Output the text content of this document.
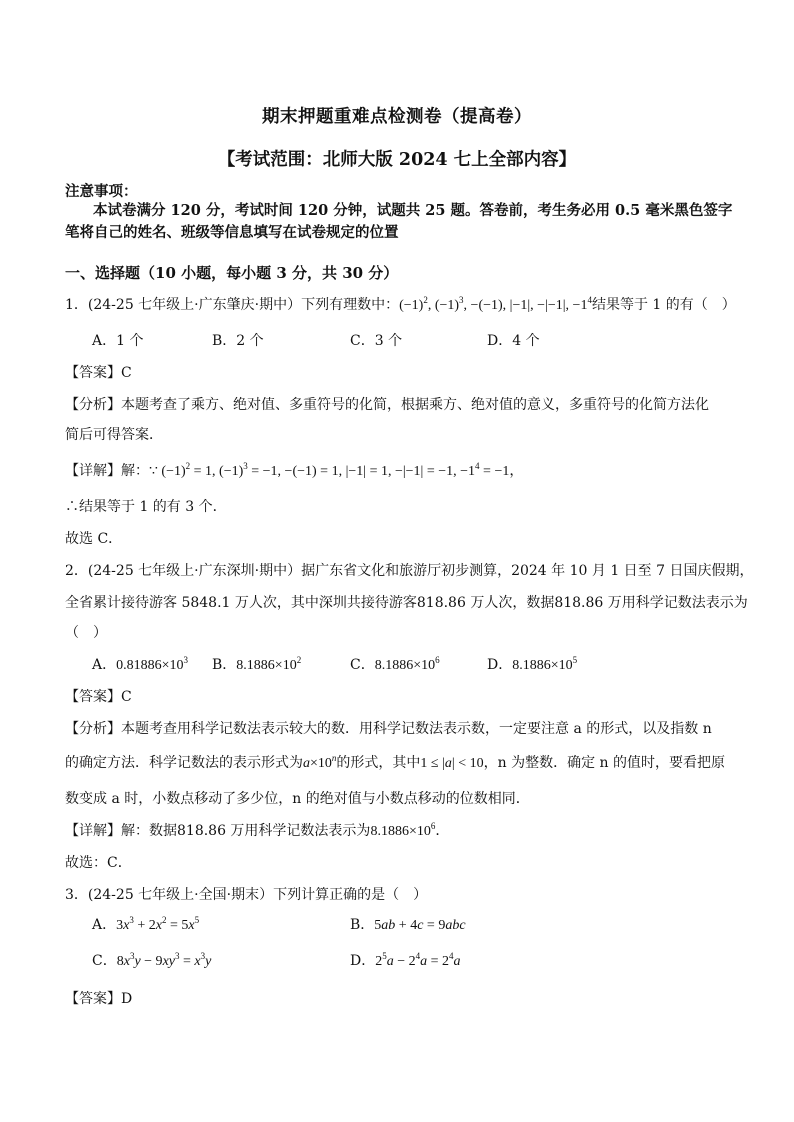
期末押题重难点检测卷（提高卷）
【考试范围：北师大版 2024 七上全部内容】
注意事项：
本试卷满分 120 分，考试时间 120 分钟，试题共 25 题。答卷前，考生务必用 0.5 毫米黑色签字笔将自己的姓名、班级等信息填写在试卷规定的位置
一、选择题（10 小题，每小题 3 分，共 30 分）
1．(24-25 七年级上·广东肇庆·期中）下列有理数中：$(-1)^2$, $(-1)^3$, −(−1), |−1|, −|−1|, $-1^4$结果等于 1 的有（　）
A．1 个	B．2 个	C．3 个	D．4 个
【答案】C
【分析】本题考查了乘方、绝对值、多重符号的化简，根据乘方、绝对值的意义，多重符号的化简方法化
简后可得答案．
【详解】解：∵ $(-1)^2 = 1$, $(-1)^3 = -1$, −(−1) = 1, |−1| = 1, −|−1| = −1, $-1^4 = -1$，
∴结果等于 1 的有 3 个．
故选 C．
2．(24-25 七年级上·广东深圳·期中）据广东省文化和旅游厅初步测算，2024 年 10 月 1 日至 7 日国庆假期，
全省累计接待游客 5848.1 万人次，其中深圳共接待游客818.86 万人次，数据818.86 万用科学记数法表示为
（　）
A．$0.81886\times 10^3$ B．$8.1886\times 10^2$	C．$8.1886\times 10^6$	D．$8.1886\times 10^5$
【答案】C
【分析】本题考查用科学记数法表示较大的数．用科学记数法表示数，一定要注意 a 的形式，以及指数 n
的确定方法．科学记数法的表示形式为$a\times 10^n$的形式，其中1 ≤ |a| < 10，n 为整数．确定 n 的值时，要看把原
数变成 a 时，小数点移动了多少位，n 的绝对值与小数点移动的位数相同．
【详解】解：数据818.86 万用科学记数法表示为$8.1886\times 10^6$．
故选：C．
3．(24-25 七年级上·全国·期末）下列计算正确的是（　）
A．$3x^3 + 2x^2 = 5x^5$	B．5ab + 4c = 9abc
C．$8x^3y - 9xy^3 = x^3y$	D．$2^5a - 2^4a = 2^4a$
【答案】D
